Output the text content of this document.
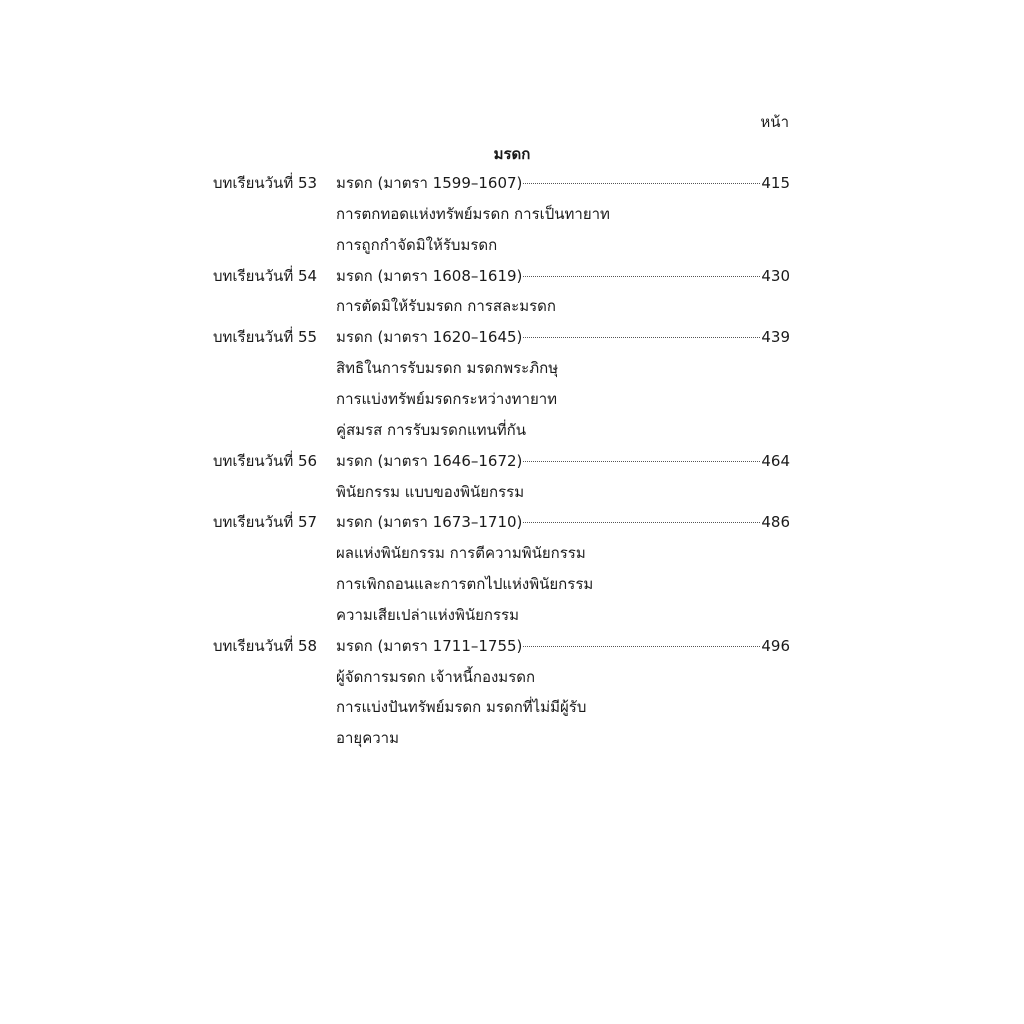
หน้า
มรดก
บทเรียนวันที่ 53	มรดก (มาตรา 1599–1607)	415
การตกทอดแห่งทรัพย์มรดก การเป็นทายาท
การถูกกำจัดมิให้รับมรดก
บทเรียนวันที่ 54	มรดก (มาตรา 1608–1619)	430
การตัดมิให้รับมรดก การสละมรดก
บทเรียนวันที่ 55	มรดก (มาตรา 1620–1645)	439
สิทธิในการรับมรดก มรดกพระภิกษุ
การแบ่งทรัพย์มรดกระหว่างทายาท
คู่สมรส การรับมรดกแทนที่กัน
บทเรียนวันที่ 56	มรดก (มาตรา 1646–1672)	464
พินัยกรรม แบบของพินัยกรรม
บทเรียนวันที่ 57	มรดก (มาตรา 1673–1710)	486
ผลแห่งพินัยกรรม การตีความพินัยกรรม
การเพิกถอนและการตกไปแห่งพินัยกรรม
ความเสียเปล่าแห่งพินัยกรรม
บทเรียนวันที่ 58	มรดก (มาตรา 1711–1755)	496
ผู้จัดการมรดก เจ้าหนี้กองมรดก
การแบ่งปันทรัพย์มรดก มรดกที่ไม่มีผู้รับ
อายุความ
